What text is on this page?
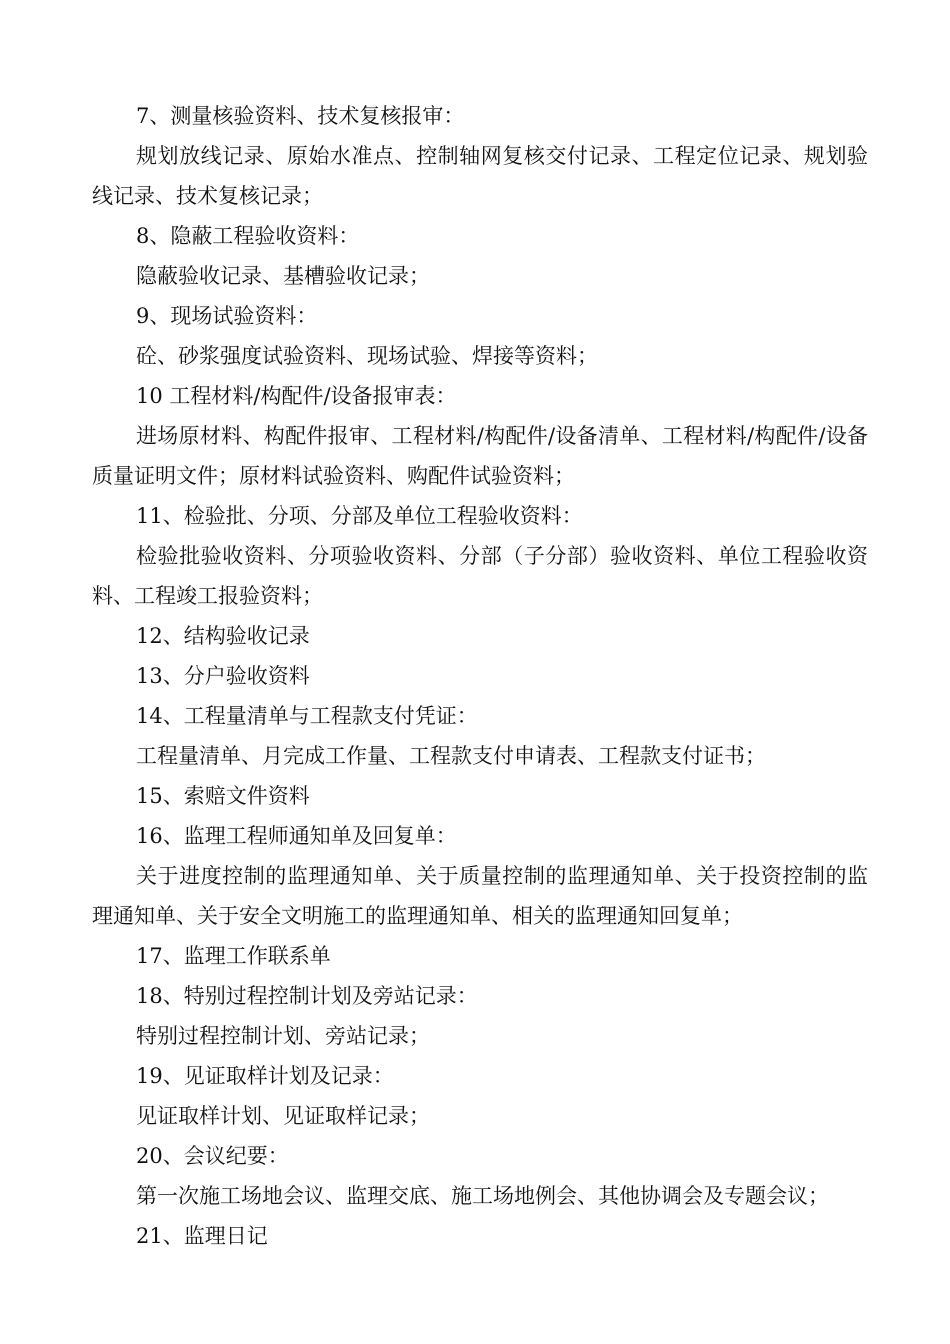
7、测量核验资料、技术复核报审：

规划放线记录、原始水准点、控制轴网复核交付记录、工程定位记录、规划验线记录、技术复核记录；

8、隐蔽工程验收资料：

隐蔽验收记录、基槽验收记录；

9、现场试验资料：

砼、砂浆强度试验资料、现场试验、焊接等资料；

10 工程材料/构配件/设备报审表：

进场原材料、构配件报审、工程材料/构配件/设备清单、工程材料/构配件/设备质量证明文件；原材料试验资料、购配件试验资料；

11、检验批、分项、分部及单位工程验收资料：

检验批验收资料、分项验收资料、分部（子分部）验收资料、单位工程验收资料、工程竣工报验资料；

12、结构验收记录

13、分户验收资料

14、工程量清单与工程款支付凭证：

工程量清单、月完成工作量、工程款支付申请表、工程款支付证书；

15、索赔文件资料

16、监理工程师通知单及回复单：

关于进度控制的监理通知单、关于质量控制的监理通知单、关于投资控制的监理通知单、关于安全文明施工的监理通知单、相关的监理通知回复单；

17、监理工作联系单

18、特别过程控制计划及旁站记录：

特别过程控制计划、旁站记录；

19、见证取样计划及记录：

见证取样计划、见证取样记录；

20、会议纪要：

第一次施工场地会议、监理交底、施工场地例会、其他协调会及专题会议；

21、监理日记
